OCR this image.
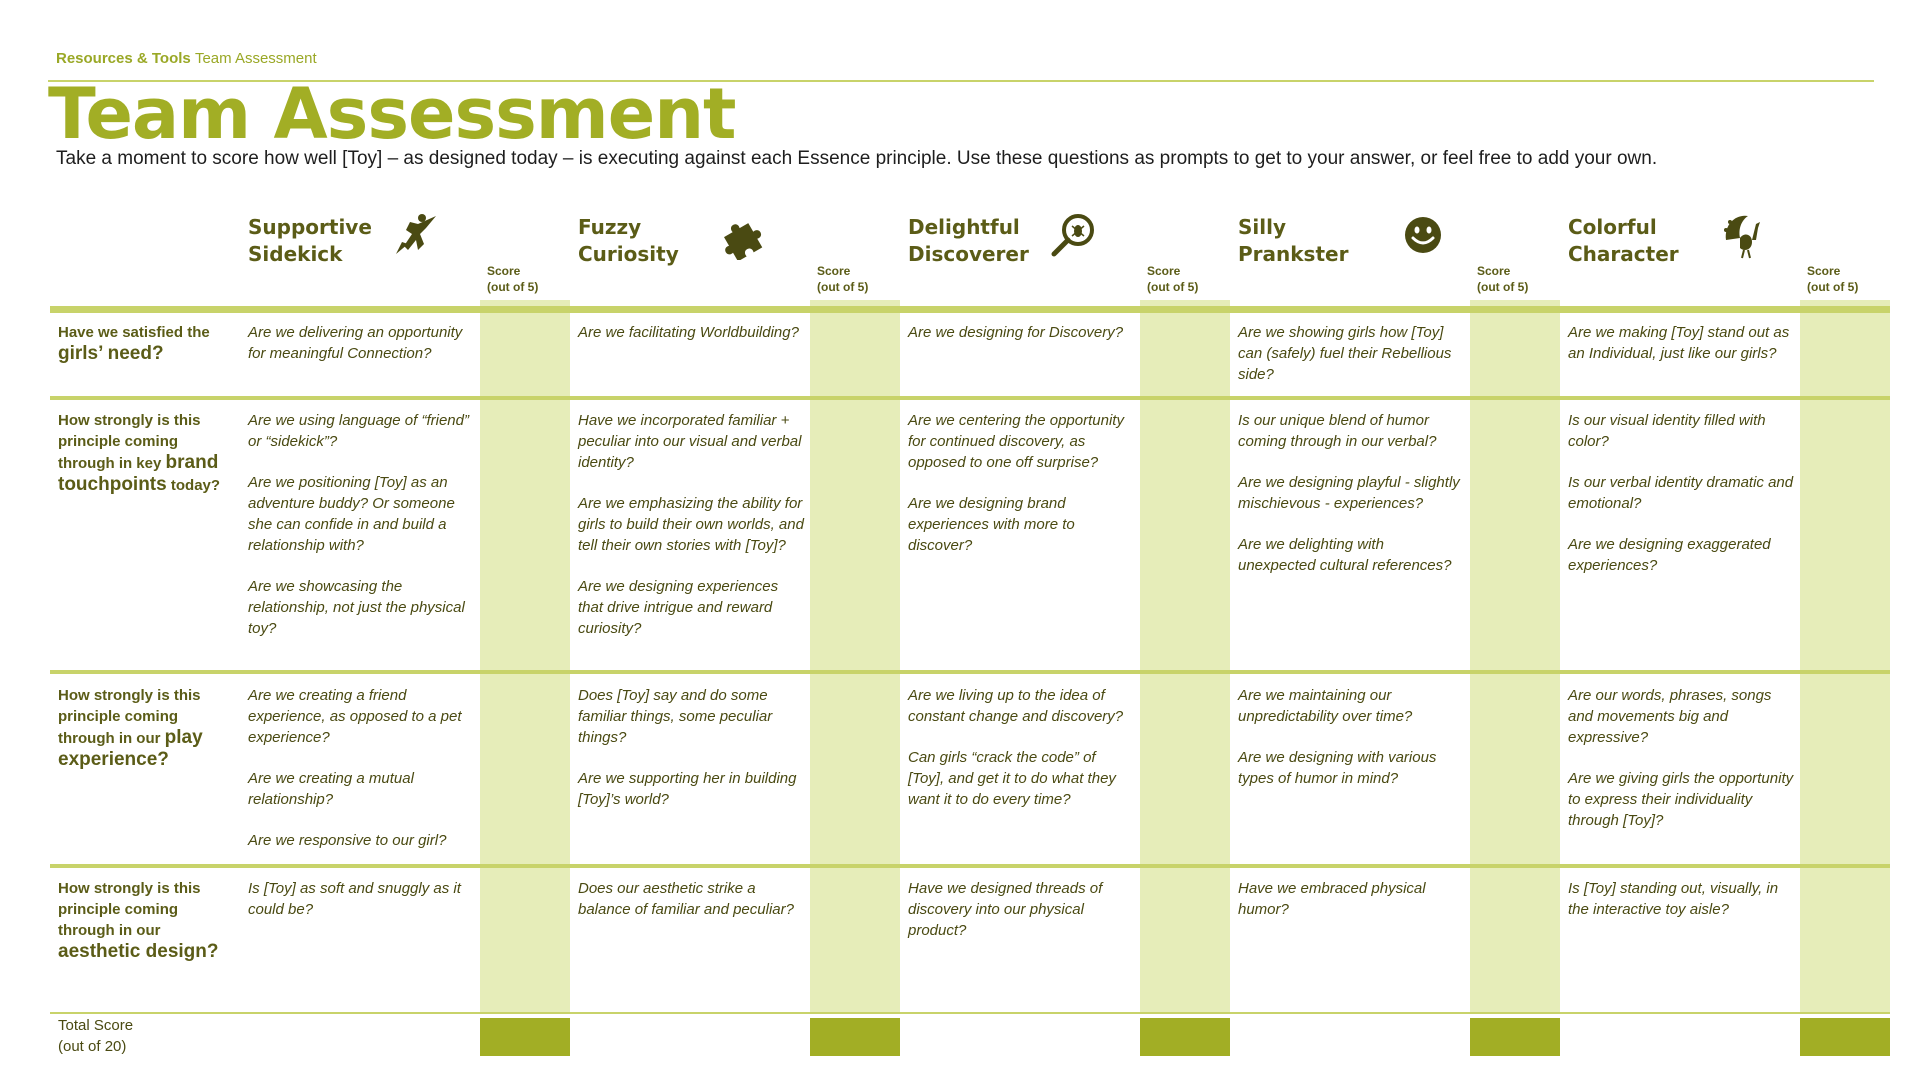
Resources & Tools Team Assessment
Team Assessment
Take a moment to score how well [Toy] – as designed today – is executing against each Essence principle. Use these questions as prompts to get to your answer, or feel free to add your own.
Supportive
Sidekick
Fuzzy
Curiosity
Delightful
Discoverer
Silly
Prankster
Colorful
Character
Score
(out of 5)
Score
(out of 5)
Score
(out of 5)
Score
(out of 5)
Score
(out of 5)
Have we satisfied the girls’ need?
How strongly is this principle coming through in key brand touchpoints today?
How strongly is this principle coming through in our play experience?
How strongly is this principle coming through in our aesthetic design?

Are we delivering an opportunity for meaningful Connection?

Are we facilitating Worldbuilding?	Are we designing for Discovery?	Are we showing girls how [Toy] can (safely) fuel their Rebellious side?

Are we making [Toy] stand out as an Individual, just like our girls?

Are we using language of “friend” or “sidekick”?

Are we positioning [Toy] as an adventure buddy? Or someone she can confide in and build a relationship with?

Are we showcasing the relationship, not just the physical toy?

Have we incorporated familiar + peculiar into our visual and verbal identity?

Are we emphasizing the ability for girls to build their own worlds, and tell their own stories with [Toy]?

Are we designing experiences that drive intrigue and reward curiosity?

Are we centering the opportunity for continued discovery, as opposed to one off surprise?

Are we designing brand experiences with more to discover?

Is our unique blend of humor coming through in our verbal?

Are we designing playful - slightly mischievous - experiences?

Are we delighting with unexpected cultural references?

Is our visual identity filled with color?

Is our verbal identity dramatic and emotional?

Are we designing exaggerated experiences?

Are we creating a friend experience, as opposed to a pet experience?

Are we creating a mutual relationship?

Are we responsive to our girl?

Does [Toy] say and do some familiar things, some peculiar things?

Are we supporting her in building [Toy]’s world?

Are we living up to the idea of constant change and discovery?

Can girls “crack the code” of [Toy], and get it to do what they want it to do every time?

Are we maintaining our unpredictability over time?

Are we designing with various types of humor in mind?

Are our words, phrases, songs and movements big and expressive?

Are we giving girls the opportunity to express their individuality through [Toy]?

Is [Toy] as soft and snuggly as it could be?

Does our aesthetic strike a balance of familiar and peculiar?

Have we designed threads of discovery into our physical product?

Have we embraced physical humor?

Is [Toy] standing out, visually, in the interactive toy aisle?

Total Score
(out of 20)
